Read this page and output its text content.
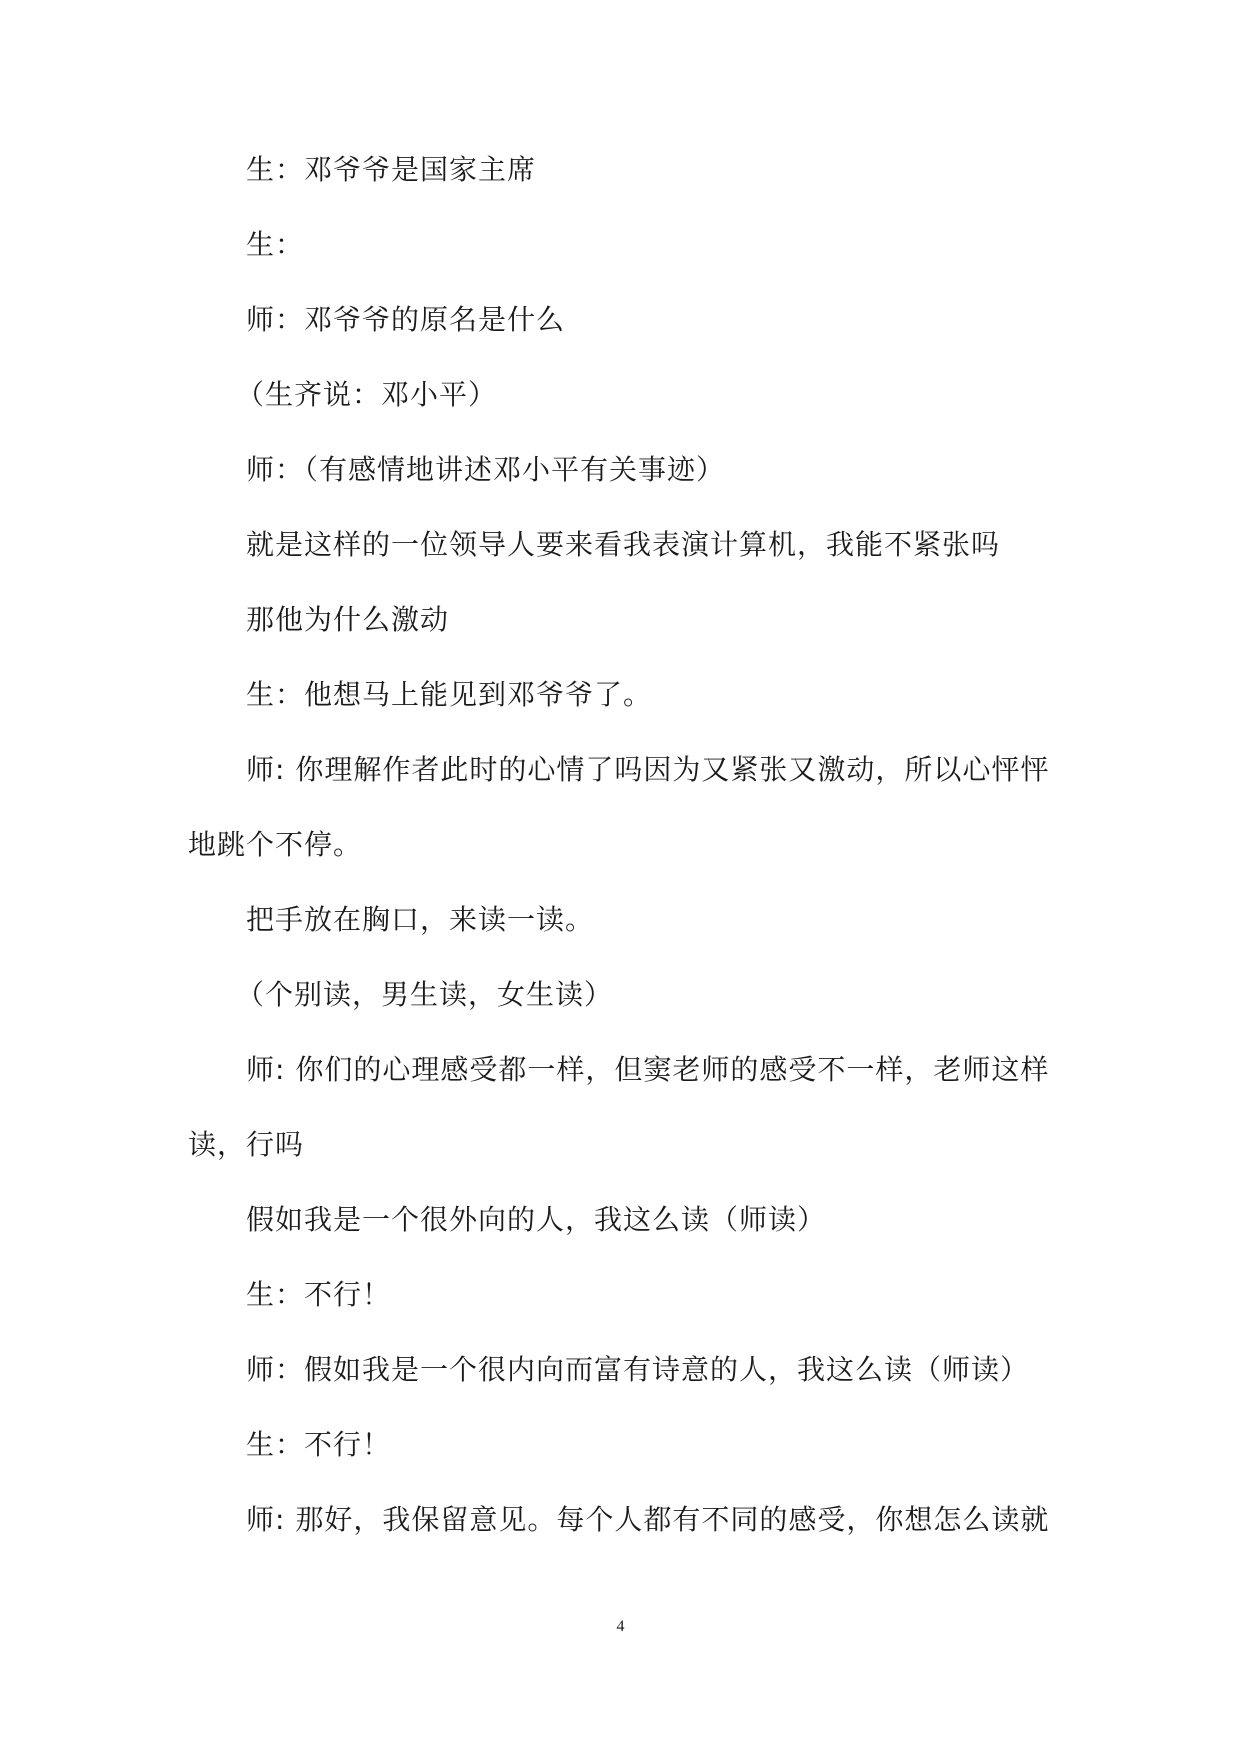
生：邓爷爷是国家主席
生：
师：邓爷爷的原名是什么
（生齐说：邓小平）
师：（有感情地讲述邓小平有关事迹）
就是这样的一位领导人要来看我表演计算机，我能不紧张吗
那他为什么激动
生：他想马上能见到邓爷爷了。
师: 你理解作者此时的心情了吗因为又紧张又激动，所以心怦怦
地跳个不停。
把手放在胸口，来读一读。
（个别读，男生读，女生读）
师: 你们的心理感受都一样，但窦老师的感受不一样，老师这样
读，行吗
假如我是一个很外向的人，我这么读（师读）
生：不行！
师：假如我是一个很内向而富有诗意的人，我这么读（师读）
生：不行！
师: 那好，我保留意见。每个人都有不同的感受，你想怎么读就
4
